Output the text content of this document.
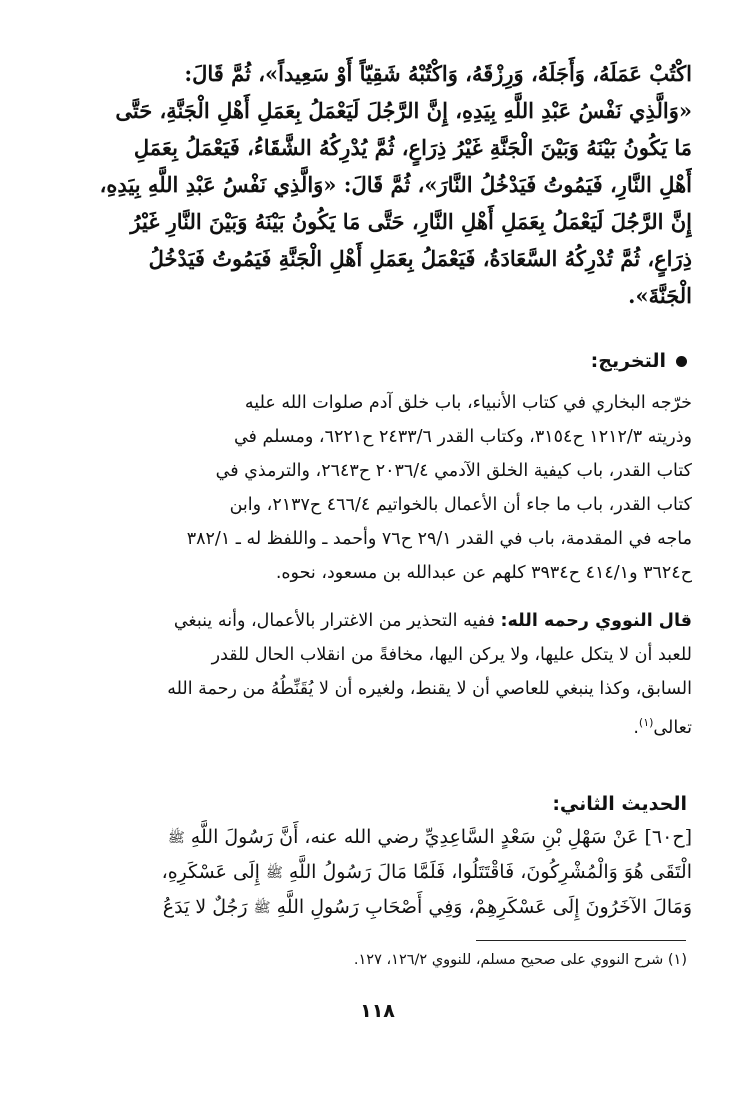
اكْتُبْ عَمَلَهُ، وَأَجَلَهُ، وَرِزْقَهُ، وَاكْتُبْهُ شَقِيّاً أَوْ سَعِيداً»، ثُمَّ قَالَ:
«وَالَّذِي نَفْسُ عَبْدِ اللَّهِ بِيَدِهِ، إِنَّ الرَّجُلَ لَيَعْمَلُ بِعَمَلِ أَهْلِ الْجَنَّةِ، حَتَّى
مَا يَكُونُ بَيْنَهُ وَبَيْنَ الْجَنَّةِ غَيْرُ ذِرَاعٍ، ثُمَّ يُدْرِكُهُ الشَّقَاءُ، فَيَعْمَلُ بِعَمَلِ
أَهْلِ النَّارِ، فَيَمُوتُ فَيَدْخُلُ النَّارَ»، ثُمَّ قَالَ: «وَالَّذِي نَفْسُ عَبْدِ اللَّهِ بِيَدِهِ،
إِنَّ الرَّجُلَ لَيَعْمَلُ بِعَمَلِ أَهْلِ النَّارِ، حَتَّى مَا يَكُونُ بَيْنَهُ وَبَيْنَ النَّارِ غَيْرُ
ذِرَاعٍ، ثُمَّ تُدْرِكُهُ السَّعَادَةُ، فَيَعْمَلُ بِعَمَلِ أَهْلِ الْجَنَّةِ فَيَمُوتُ فَيَدْخُلُ
الْجَنَّةَ».
التخريج:
خرّجه البخاري في كتاب الأنبياء، باب خلق آدم صلوات الله عليه
وذريته ١٢١٢/٣ ح٣١٥٤، وكتاب القدر ٢٤٣٣/٦ ح٦٢٢١، ومسلم في
كتاب القدر، باب كيفية الخلق الآدمي ٢٠٣٦/٤ ح٢٦٤٣، والترمذي في
كتاب القدر، باب ما جاء أن الأعمال بالخواتيم ٤٦٦/٤ ح٢١٣٧، وابن
ماجه في المقدمة، باب في القدر ٢٩/١ ح٧٦ وأحمد ـ واللفظ له ـ ٣٨٢/١
ح٣٦٢٤ و٤١٤/١ ح٣٩٣٤ كلهم عن عبدالله بن مسعود، نحوه.
قال النووي رحمه الله: ففيه التحذير من الاغترار بالأعمال، وأنه ينبغي
للعبد أن لا يتكل عليها، ولا يركن اليها، مخافةً من انقلاب الحال للقدر
السابق، وكذا ينبغي للعاصي أن لا يقنط، ولغيره أن لا يُقَنِّطُهُ من رحمة الله
تعالى$^{(١)}$.
الحديث الثاني:
[ح٦٠] عَنْ سَهْلِ بْنِ سَعْدٍ السَّاعِدِيِّ رضي الله عنه، أَنَّ رَسُولَ اللَّهِ ﷺ
الْتَقَى هُوَ وَالْمُشْرِكُونَ، فَاقْتَتَلُوا، فَلَمَّا مَالَ رَسُولُ اللَّهِ ﷺ إِلَى عَسْكَرِهِ،
وَمَالَ الآخَرُونَ إِلَى عَسْكَرِهِمْ، وَفِي أَصْحَابِ رَسُولِ اللَّهِ ﷺ رَجُلٌ لا يَدَعُ
(١) شرح النووي على صحيح مسلم، للنووي ١٢٦/٢، ١٢٧.
١١٨
